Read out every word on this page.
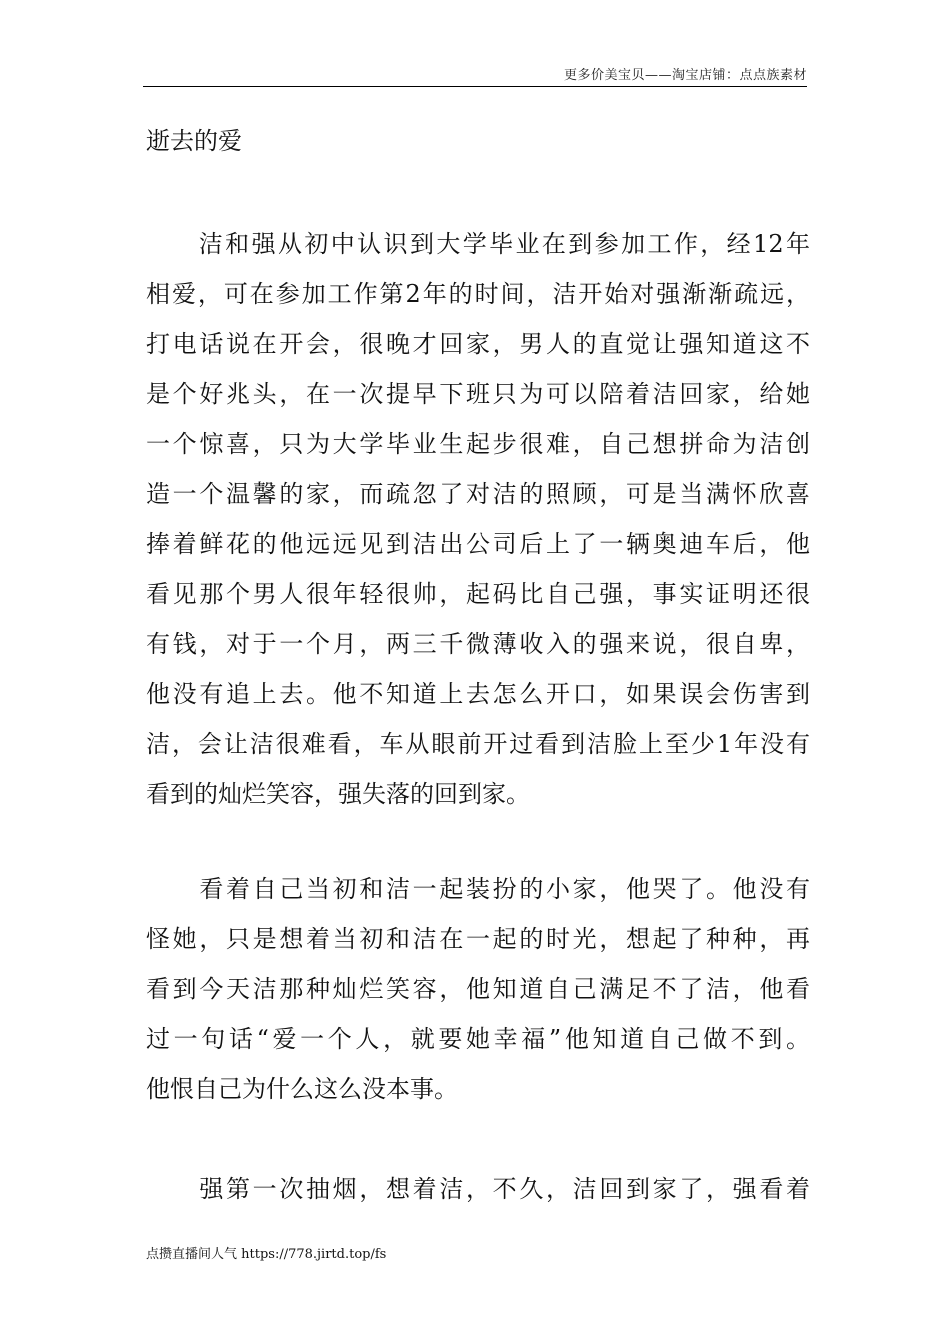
更多价美宝贝——淘宝店铺：点点族素材
逝去的爱
　　洁和强从初中认识到大学毕业在到参加工作，经12年
相爱，可在参加工作第2年的时间，洁开始对强渐渐疏远，
打电话说在开会，很晚才回家，男人的直觉让强知道这不
是个好兆头，在一次提早下班只为可以陪着洁回家，给她
一个惊喜，只为大学毕业生起步很难，自己想拼命为洁创
造一个温馨的家，而疏忽了对洁的照顾，可是当满怀欣喜
捧着鲜花的他远远见到洁出公司后上了一辆奥迪车后，他
看见那个男人很年轻很帅，起码比自己强，事实证明还很
有钱，对于一个月，两三千微薄收入的强来说，很自卑，
他没有追上去。他不知道上去怎么开口，如果误会伤害到
洁，会让洁很难看，车从眼前开过看到洁脸上至少1年没有
看到的灿烂笑容，强失落的回到家。
　　看着自己当初和洁一起装扮的小家，他哭了。他没有
怪她，只是想着当初和洁在一起的时光，想起了种种，再
看到今天洁那种灿烂笑容，他知道自己满足不了洁，他看
过一句话“爱一个人，就要她幸福”他知道自己做不到。
他恨自己为什么这么没本事。
　　强第一次抽烟，想着洁，不久，洁回到家了，强看着
点攒直播间人气 https://778.jirtd.top/fs
